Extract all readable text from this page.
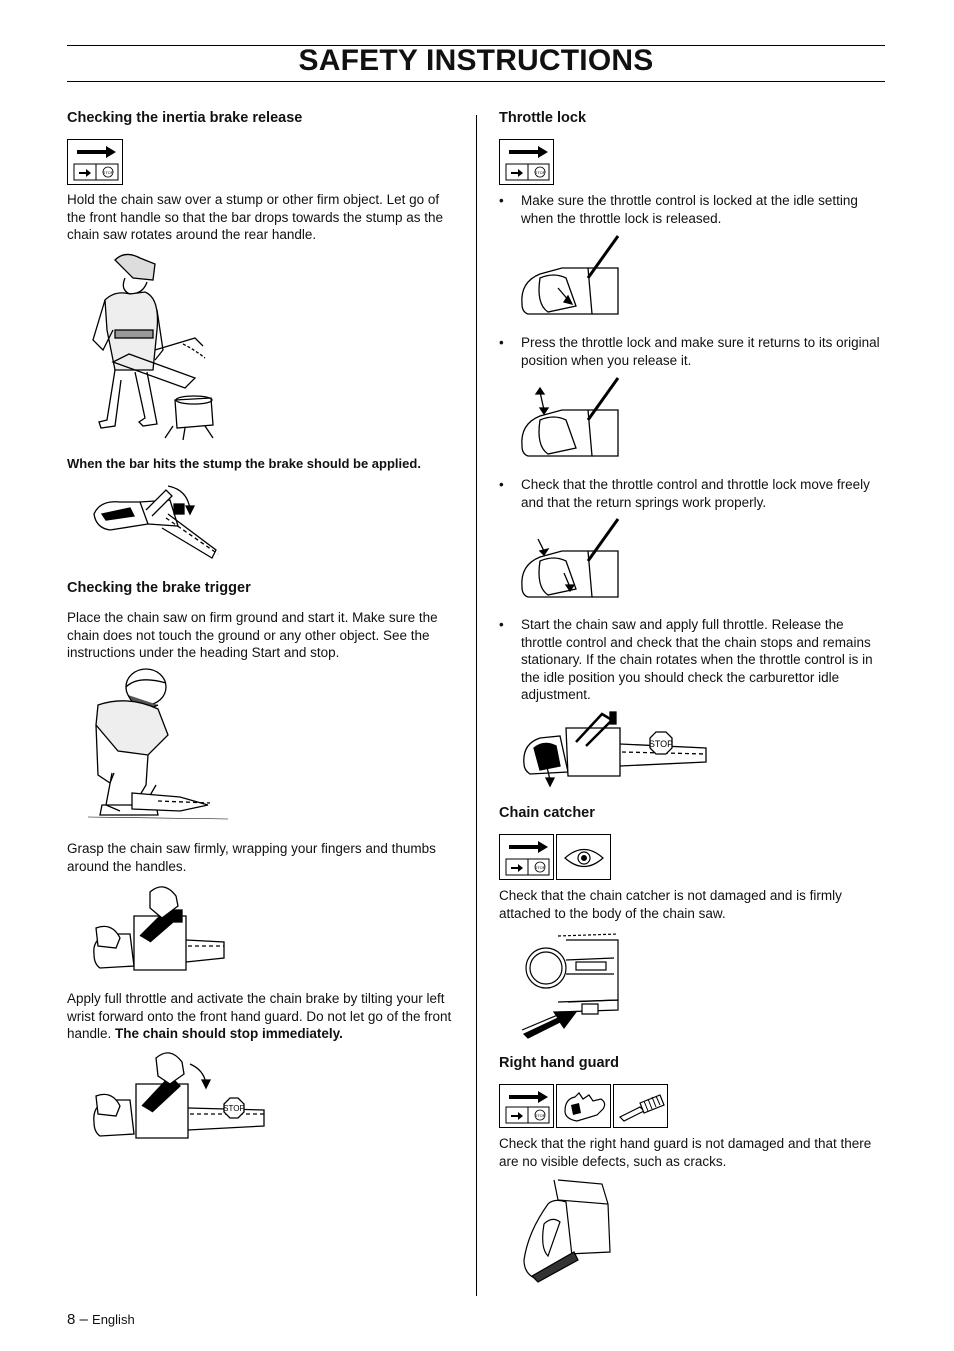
SAFETY INSTRUCTIONS
Checking the inertia brake release
STOP

Hold the chain saw over a stump or other firm object. Let go of the front handle so that the bar drops towards the stump as the chain saw rotates around the rear handle.

When the bar hits the stump the brake should be applied.

Checking the brake trigger

Place the chain saw on firm ground and start it. Make sure the chain does not touch the ground or any other object. See the instructions under the heading Start and stop.

Grasp the chain saw firmly, wrapping your fingers and thumbs around the handles.

Apply full throttle and activate the chain brake by tilting your left wrist forward onto the front hand guard. Do not let go of the front handle. The chain should stop immediately.

STOP
Throttle lock
STOP
• Make sure the throttle control is locked at the idle setting when the throttle lock is released.
• Press the throttle lock and make sure it returns to its original position when you release it.
• Check that the throttle control and throttle lock move freely and that the return springs work properly.
• Start the chain saw and apply full throttle. Release the throttle control and check that the chain stops and remains stationary. If the chain rotates when the throttle control is in the idle position you should check the carburettor idle adjustment.
STOP
Chain catcher
STOP

Check that the chain catcher is not damaged and is firmly attached to the body of the chain saw.

Right hand guard
STOP

Check that the right hand guard is not damaged and that there are no visible defects, such as cracks.

8 – English
